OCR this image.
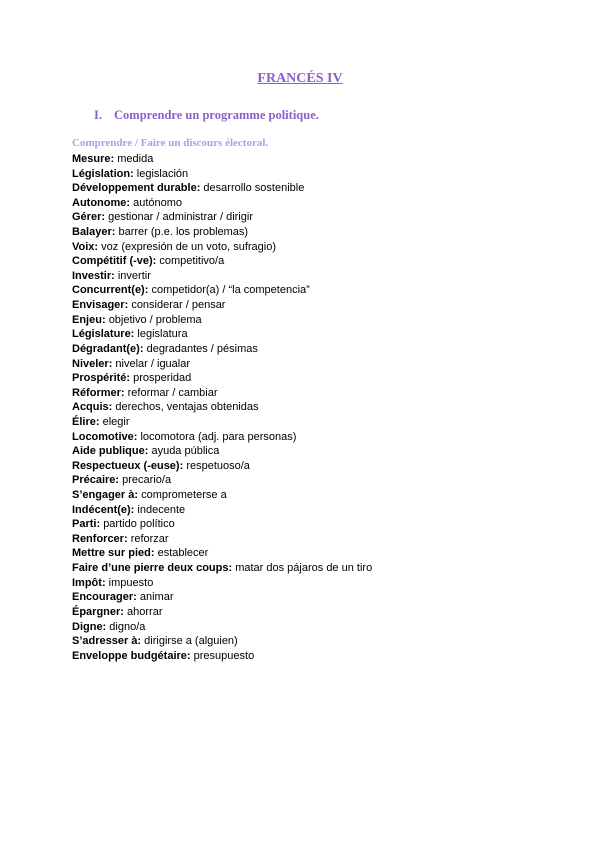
FRANCÉS IV
I. Comprendre un programme politique.
Comprendre / Faire un discours électoral.
Mesure: medida
Législation: legislación
Développement durable: desarrollo sostenible
Autonome: autónomo
Gérer: gestionar / administrar / dirigir
Balayer: barrer (p.e. los problemas)
Voix: voz (expresión de un voto, sufragio)
Compétitif (-ve): competitivo/a
Investir: invertir
Concurrent(e): competidor(a) / “la competencia”
Envisager: considerar / pensar
Enjeu: objetivo / problema
Législature: legislatura
Dégradant(e): degradantes / pésimas
Niveler: nivelar / igualar
Prospérité: prosperidad
Réformer: reformar / cambiar
Acquis: derechos, ventajas obtenidas
Élire: elegir
Locomotive: locomotora (adj. para personas)
Aide publique: ayuda pública
Respectueux (-euse): respetuoso/a
Précaire: precario/a
S’engager à: comprometerse a
Indécent(e): indecente
Parti: partido político
Renforcer: reforzar
Mettre sur pied: establecer
Faire d’une pierre deux coups: matar dos pájaros de un tiro
Impôt: impuesto
Encourager: animar
Épargner: ahorrar
Digne: digno/a
S’adresser à: dirigirse a (alguien)
Enveloppe budgétaire: presupuesto
